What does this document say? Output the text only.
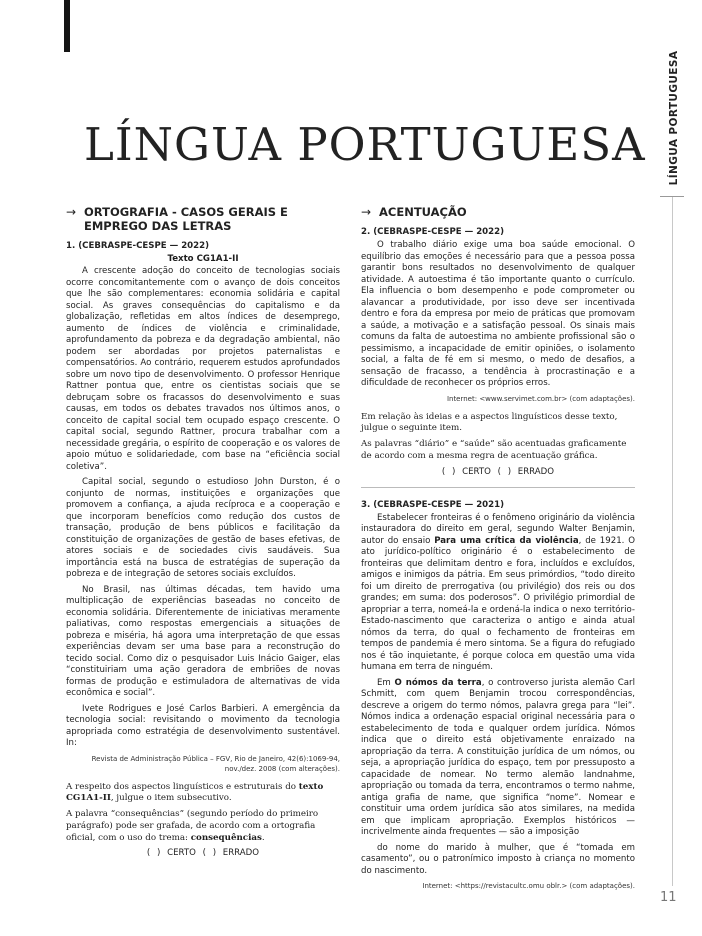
LÍNGUA PORTUGUESA LÍNGUA PORTUGUESA
11
→ ORTOGRAFIA - CASOS GERAIS E EMPREGO DAS LETRAS
1. (CEBRASPE-CESPE — 2022)
Texto CG1A1-II

A crescente adoção do conceito de tecnologias sociais ocorre concomitantemente com o avanço de dois conceitos que lhe são complementares: economia solidária e capital social. As graves consequências do capitalismo e da globalização, refletidas em altos índices de desemprego, aumento de índices de violência e criminalidade, aprofundamento da pobreza e da degradação ambiental, não podem ser abordadas por projetos paternalistas e compensatórios. Ao contrário, requerem estudos aprofundados sobre um novo tipo de desenvolvimento. O professor Henrique Rattner pontua que, entre os cientistas sociais que se debruçam sobre os fracassos do desenvolvimento e suas causas, em todos os debates travados nos últimos anos, o conceito de capital social tem ocupado espaço crescente. O capital social, segundo Rattner, procura trabalhar com a necessidade gregária, o espírito de cooperação e os valores de apoio mútuo e solidariedade, com base na “eficiência social coletiva”.

Capital social, segundo o estudioso John Durston, é o conjunto de normas, instituições e organizações que promovem a confiança, a ajuda recíproca e a cooperação e que incorporam benefícios como redução dos custos de transação, produção de bens públicos e facilitação da constituição de organizações de gestão de bases efetivas, de atores sociais e de sociedades civis saudáveis. Sua importância está na busca de estratégias de superação da pobreza e de integração de setores sociais excluídos.

No Brasil, nas últimas décadas, tem havido uma multiplicação de experiências baseadas no conceito de economia solidária. Diferentemente de iniciativas meramente paliativas, como respostas emergenciais a situações de pobreza e miséria, há agora uma interpretação de que essas experiências devam ser uma base para a reconstrução do tecido social. Como diz o pesquisador Luis Inácio Gaiger, elas “constituiriam uma ação geradora de embriões de novas formas de produção e estimuladora de alternativas de vida econômica e social”.

Ivete Rodrigues e José Carlos Barbieri. A emergência da tecnologia social: revisitando o movimento da tecnologia apropriada como estratégia de desenvolvimento sustentável. In:

Revista de Administração Pública – FGV, Rio de Janeiro, 42(6):1069-94, nov./dez. 2008 (com alterações).

A respeito dos aspectos linguísticos e estruturais do texto CG1A1-II, julgue o item subsecutivo.

A palavra “consequências” (segundo período do primeiro parágrafo) pode ser grafada, de acordo com a ortografia oficial, com o uso do trema: consequências.

( ) CERTO ( ) ERRADO
→ ACENTUAÇÃO
2. (CEBRASPE-CESPE — 2022)

O trabalho diário exige uma boa saúde emocional. O equilíbrio das emoções é necessário para que a pessoa possa garantir bons resultados no desenvolvimento de qualquer atividade. A autoestima é tão importante quanto o currículo. Ela influencia o bom desempenho e pode comprometer ou alavancar a produtividade, por isso deve ser incentivada dentro e fora da empresa por meio de práticas que promovam a saúde, a motivação e a satisfação pessoal. Os sinais mais comuns da falta de autoestima no ambiente profissional são o pessimismo, a incapacidade de emitir opiniões, o isolamento social, a falta de fé em si mesmo, o medo de desafios, a sensação de fracasso, a tendência à procrastinação e a dificuldade de reconhecer os próprios erros.

Internet: <www.servimet.com.br> (com adaptações).

Em relação às ideias e a aspectos linguísticos desse texto, julgue o seguinte item.

As palavras “diário” e “saúde” são acentuadas graficamente de acordo com a mesma regra de acentuação gráfica.

( ) CERTO ( ) ERRADO
3. (CEBRASPE-CESPE — 2021)

Estabelecer fronteiras é o fenômeno originário da violência instauradora do direito em geral, segundo Walter Benjamin, autor do ensaio Para uma crítica da violência, de 1921. O ato jurídico-político originário é o estabelecimento de fronteiras que delimitam dentro e fora, incluídos e excluídos, amigos e inimigos da pátria. Em seus primórdios, “todo direito foi um direito de prerrogativa (ou privilégio) dos reis ou dos grandes; em suma: dos poderosos”. O privilégio primordial de apropriar a terra, nomeá-la e ordená-la indica o nexo território-Estado-nascimento que caracteriza o antigo e ainda atual nómos da terra, do qual o fechamento de fronteiras em tempos de pandemia é mero sintoma. Se a figura do refugiado nos é tão inquietante, é porque coloca em questão uma vida humana em terra de ninguém.

Em O nómos da terra, o controverso jurista alemão Carl Schmitt, com quem Benjamin trocou correspondências, descreve a origem do termo nómos, palavra grega para “lei”. Nómos indica a ordenação espacial original necessária para o estabelecimento de toda e qualquer ordem jurídica. Nómos indica que o direito está objetivamente enraizado na apropriação da terra. A constituição jurídica de um nómos, ou seja, a apropriação jurídica do espaço, tem por pressuposto a capacidade de nomear. No termo alemão landnahme, apropriação ou tomada da terra, encontramos o termo nahme, antiga grafia de name, que significa “nome”. Nomear e constituir uma ordem jurídica são atos similares, na medida em que implicam apropriação. Exemplos históricos — incrivelmente ainda frequentes — são a imposição

do nome do marido à mulher, que é “tomada em casamento”, ou o patronímico imposto à criança no momento do nascimento.

Internet: <https://revistacultc.omu oblr.> (com adaptações).
